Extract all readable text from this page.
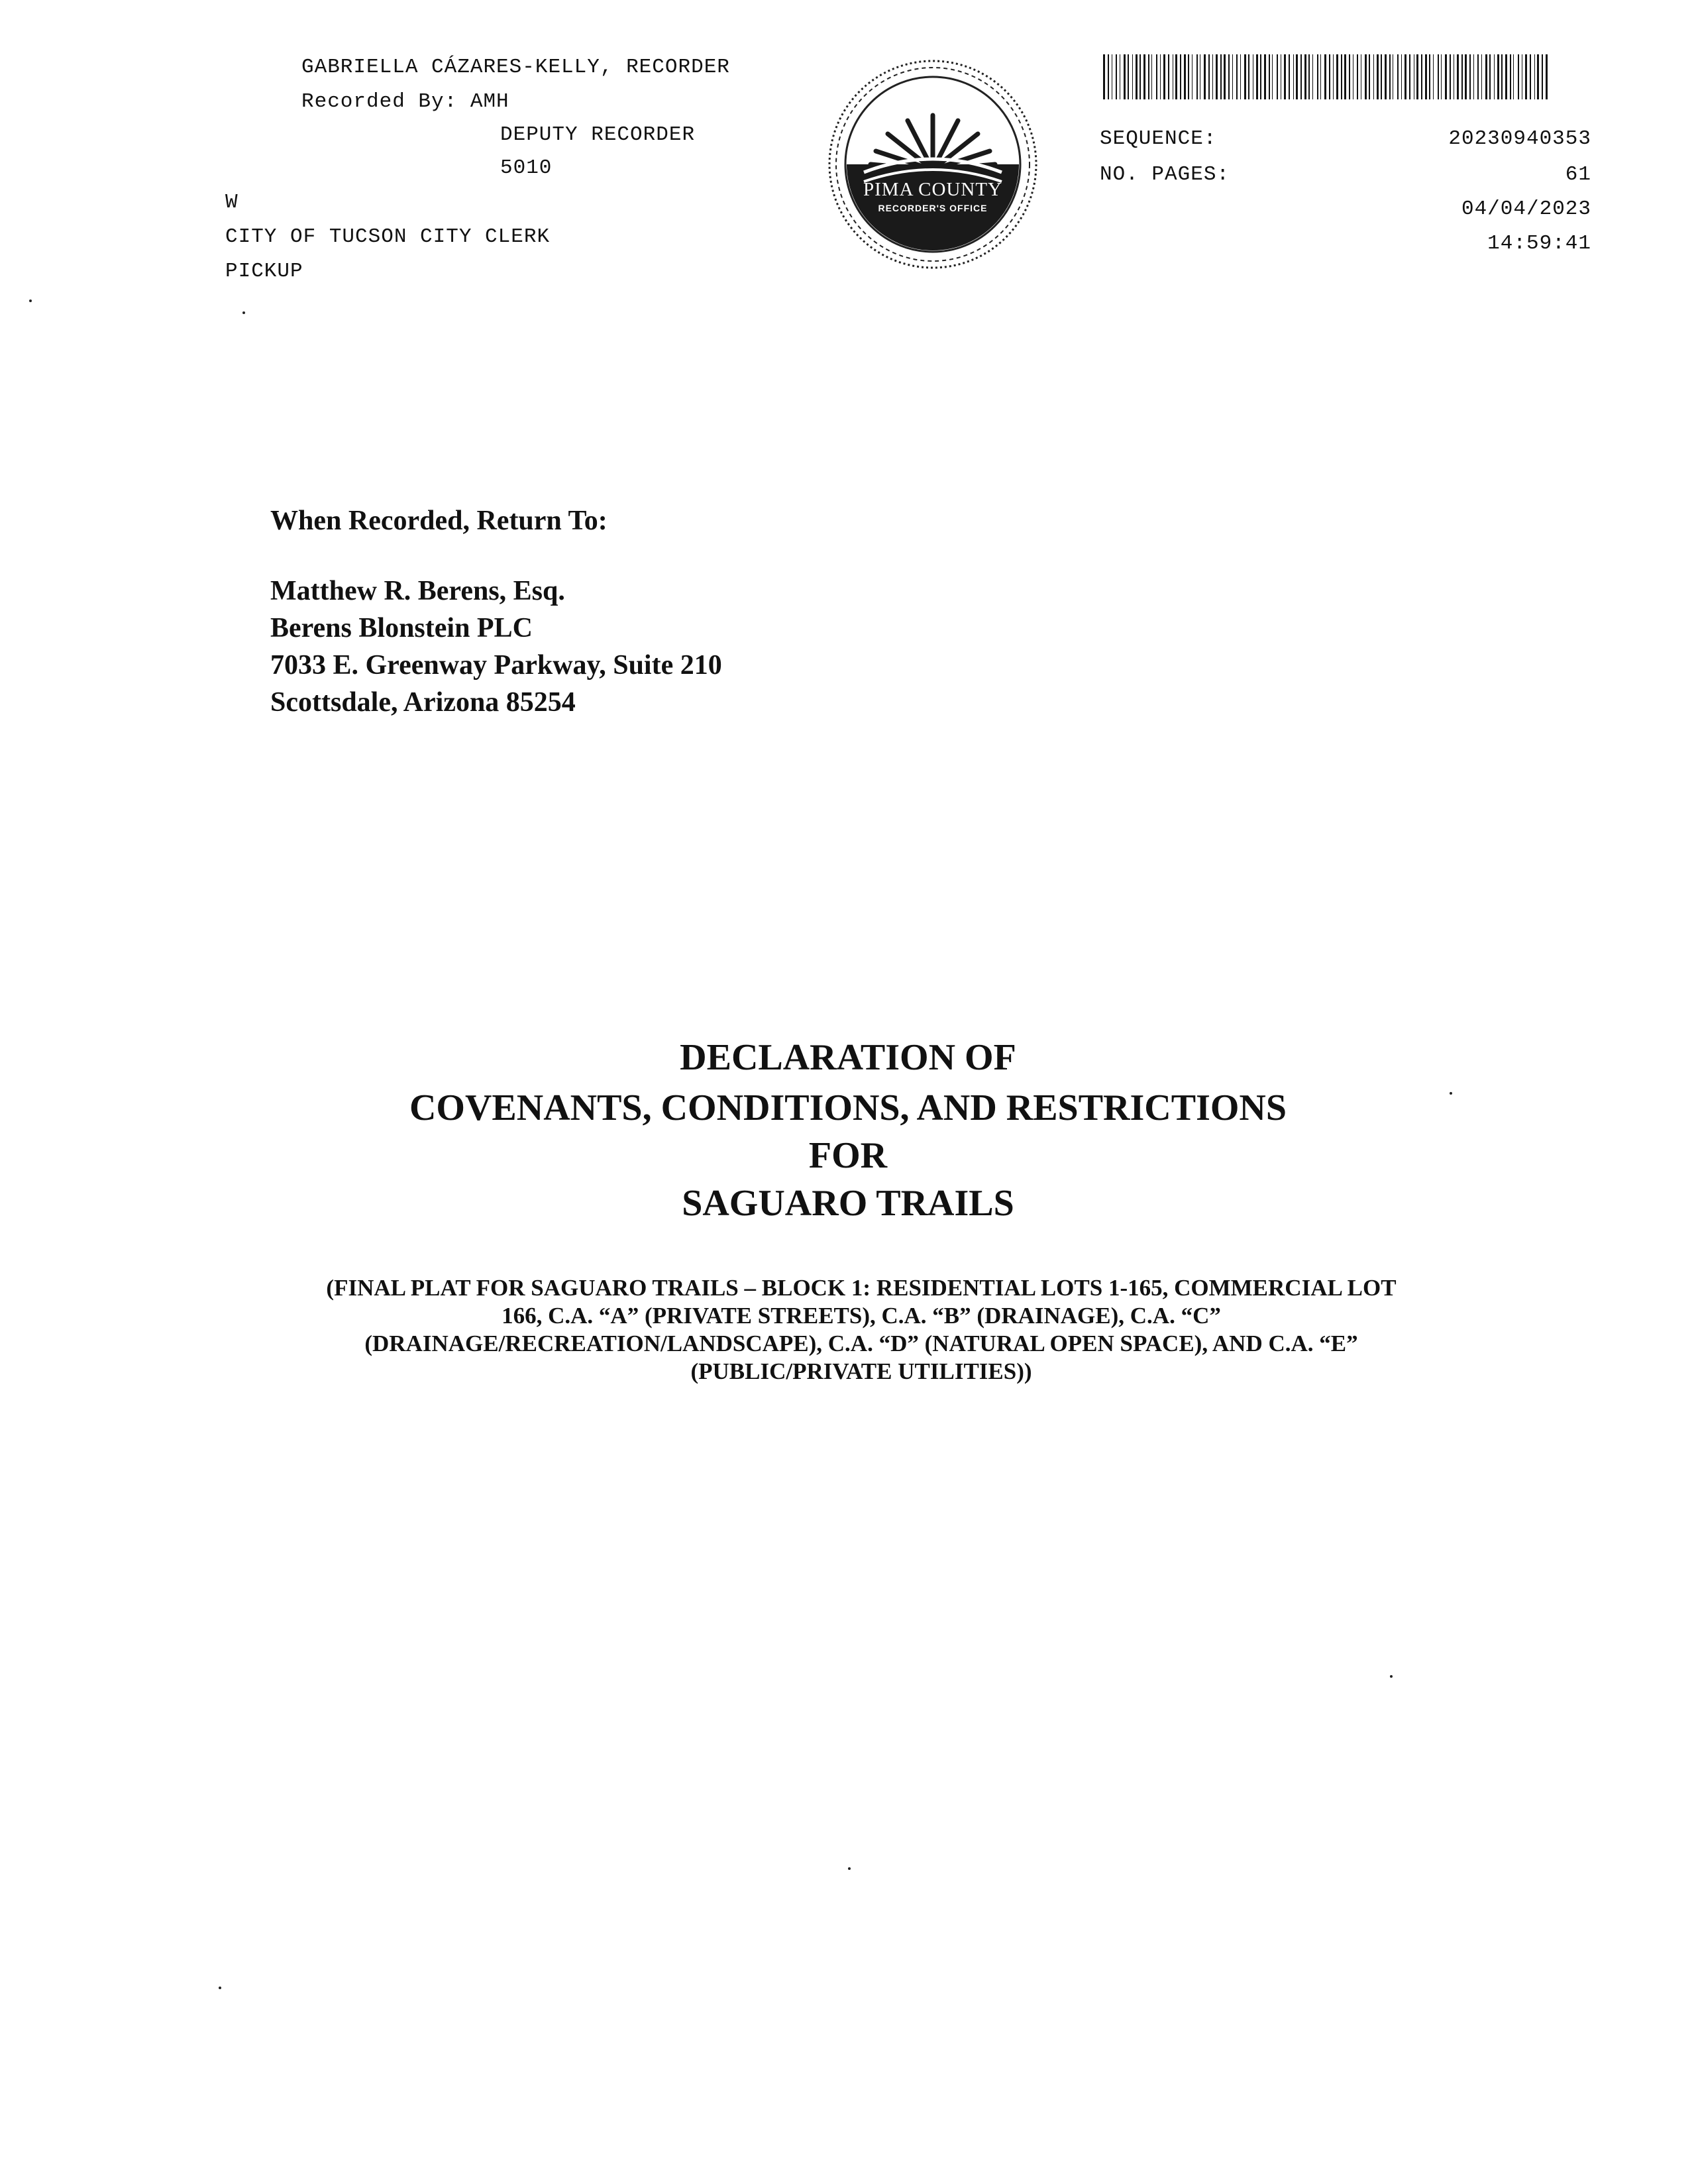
GABRIELLA CÁZARES-KELLY, RECORDER
Recorded By: AMH
DEPUTY RECORDER
5010
W
CITY OF TUCSON CITY CLERK
PICKUP
PIMA COUNTY
RECORDER'S OFFICE
SEQUENCE:	20230940353
NO. PAGES:	61
04/04/2023
14:59:41
When Recorded, Return To:
Matthew R. Berens, Esq.
Berens Blonstein PLC
7033 E. Greenway Parkway, Suite 210
Scottsdale, Arizona 85254
DECLARATION OF
COVENANTS, CONDITIONS, AND RESTRICTIONS
FOR
SAGUARO TRAILS
(FINAL PLAT FOR SAGUARO TRAILS – BLOCK 1: RESIDENTIAL LOTS 1-165, COMMERCIAL LOT
166, C.A. “A” (PRIVATE STREETS), C.A. “B” (DRAINAGE), C.A. “C”
(DRAINAGE/RECREATION/LANDSCAPE), C.A. “D” (NATURAL OPEN SPACE), AND C.A. “E”
(PUBLIC/PRIVATE UTILITIES))
